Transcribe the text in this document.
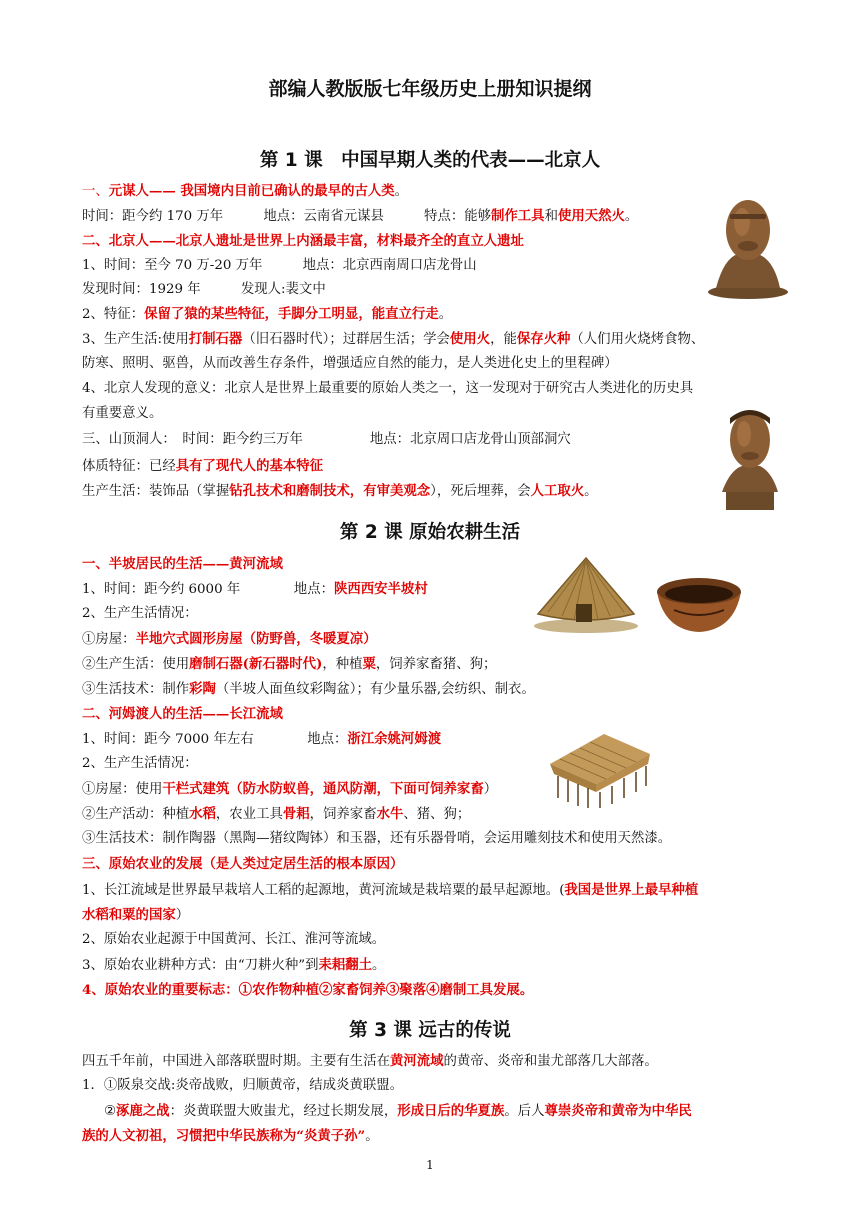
部编人教版版七年级历史上册知识提纲
第 1 课　中国早期人类的代表——北京人
一、元谋人—— 我国境内目前已确认的最早的古人类。
时间：距今约 170 万年　　　地点：云南省元谋县　　　特点：能够制作工具和使用天然火。
二、北京人——北京人遗址是世界上内涵最丰富，材料最齐全的直立人遗址
1、时间：至今 70 万-20 万年　　　地点：北京西南周口店龙骨山
发现时间：1929 年　　　发现人:裴文中
2、特征：保留了猿的某些特征，手脚分工明显，能直立行走。
3、生产生活:使用打制石器（旧石器时代）；过群居生活；学会使用火，能保存火种（人们用火烧烤食物、
防寒、照明、驱兽，从而改善生存条件，增强适应自然的能力，是人类进化史上的里程碑）
4、北京人发现的意义：北京人是世界上最重要的原始人类之一，这一发现对于研究古人类进化的历史具
有重要意义。
三、山顶洞人：　时间：距今约三万年　　　　　地点：北京周口店龙骨山顶部洞穴
体质特征：已经具有了现代人的基本特征
生产生活：装饰品（掌握钻孔技术和磨制技术，有审美观念），死后埋葬，会人工取火。
第 2 课 原始农耕生活
一、半坡居民的生活——黄河流域
1、时间：距今约 6000 年　　　　地点：陕西西安半坡村
2、生产生活情况：
①房屋：半地穴式圆形房屋（防野兽，冬暖夏凉）
②生产生活：使用磨制石器(新石器时代)，种植粟，饲养家畜猪、狗；
③生活技术：制作彩陶（半坡人面鱼纹彩陶盆）；有少量乐器,会纺织、制衣。
二、河姆渡人的生活——长江流域
1、时间：距今 7000 年左右　　　　地点：浙江余姚河姆渡
2、生产生活情况：
①房屋：使用干栏式建筑（防水防蚁兽，通风防潮，下面可饲养家畜）
②生产活动：种植水稻，农业工具骨耜，饲养家畜水牛、猪、狗；
③生活技术：制作陶器（黑陶—猪纹陶钵）和玉器，还有乐器骨哨，会运用雕刻技术和使用天然漆。
三、原始农业的发展（是人类过定居生活的根本原因）
1、长江流域是世界最早栽培人工稻的起源地，黄河流域是栽培粟的最早起源地。(我国是世界上最早种植
水稻和粟的国家）
2、原始农业起源于中国黄河、长江、淮河等流域。
3、原始农业耕种方式：由“刀耕火种”到耒耜翻土。
4、原始农业的重要标志：①农作物种植②家畜饲养③聚落④磨制工具发展。
第 3 课 远古的传说
四五千年前，中国进入部落联盟时期。主要有生活在黄河流域的黄帝、炎帝和蚩尤部落几大部落。
1．①阪泉交战:炎帝战败，归顺黄帝，结成炎黄联盟。
②涿鹿之战：炎黄联盟大败蚩尤，经过长期发展，形成日后的华夏族。后人尊崇炎帝和黄帝为中华民
族的人文初祖，习惯把中华民族称为“炎黄子孙”。
1
